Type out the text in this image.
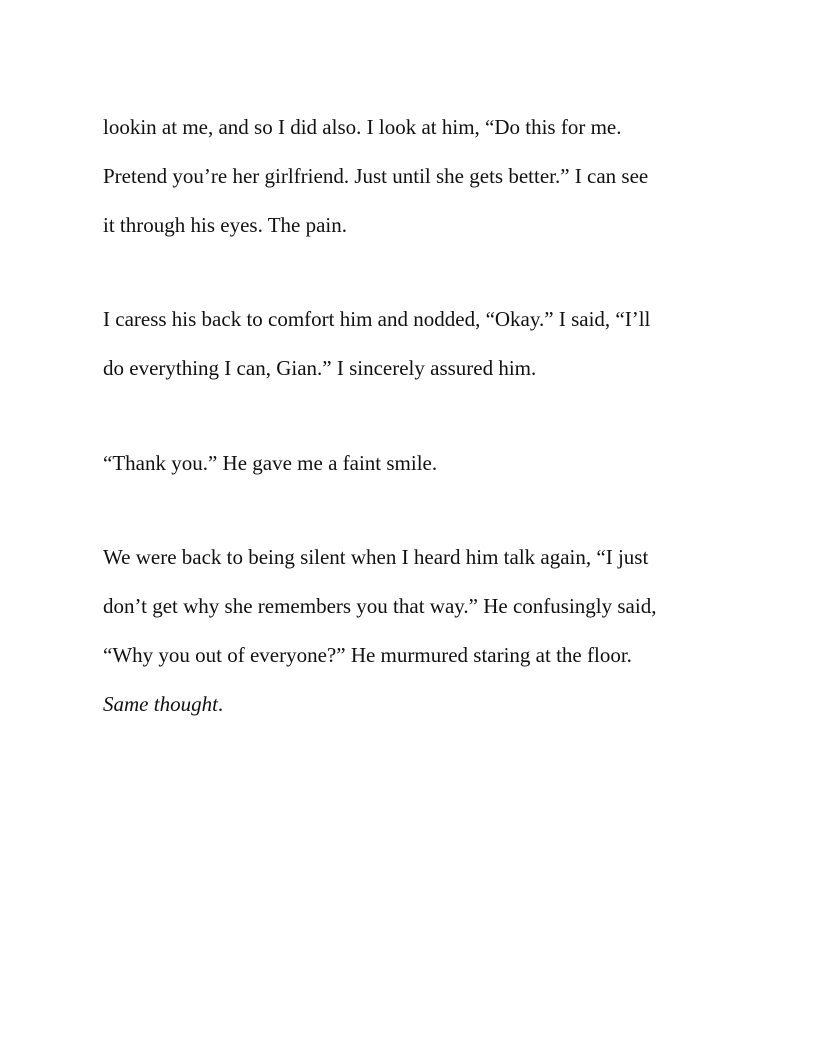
lookin at me, and so I did also. I look at him, “Do this for me.

Pretend you’re her girlfriend. Just until she gets better.” I can see

it through his eyes. The pain.

I caress his back to comfort him and nodded, “Okay.” I said, “I’ll

do everything I can, Gian.” I sincerely assured him.

“Thank you.” He gave me a faint smile.

We were back to being silent when I heard him talk again, “I just

don’t get why she remembers you that way.” He confusingly said,

“Why you out of everyone?” He murmured staring at the floor.

Same thought.
